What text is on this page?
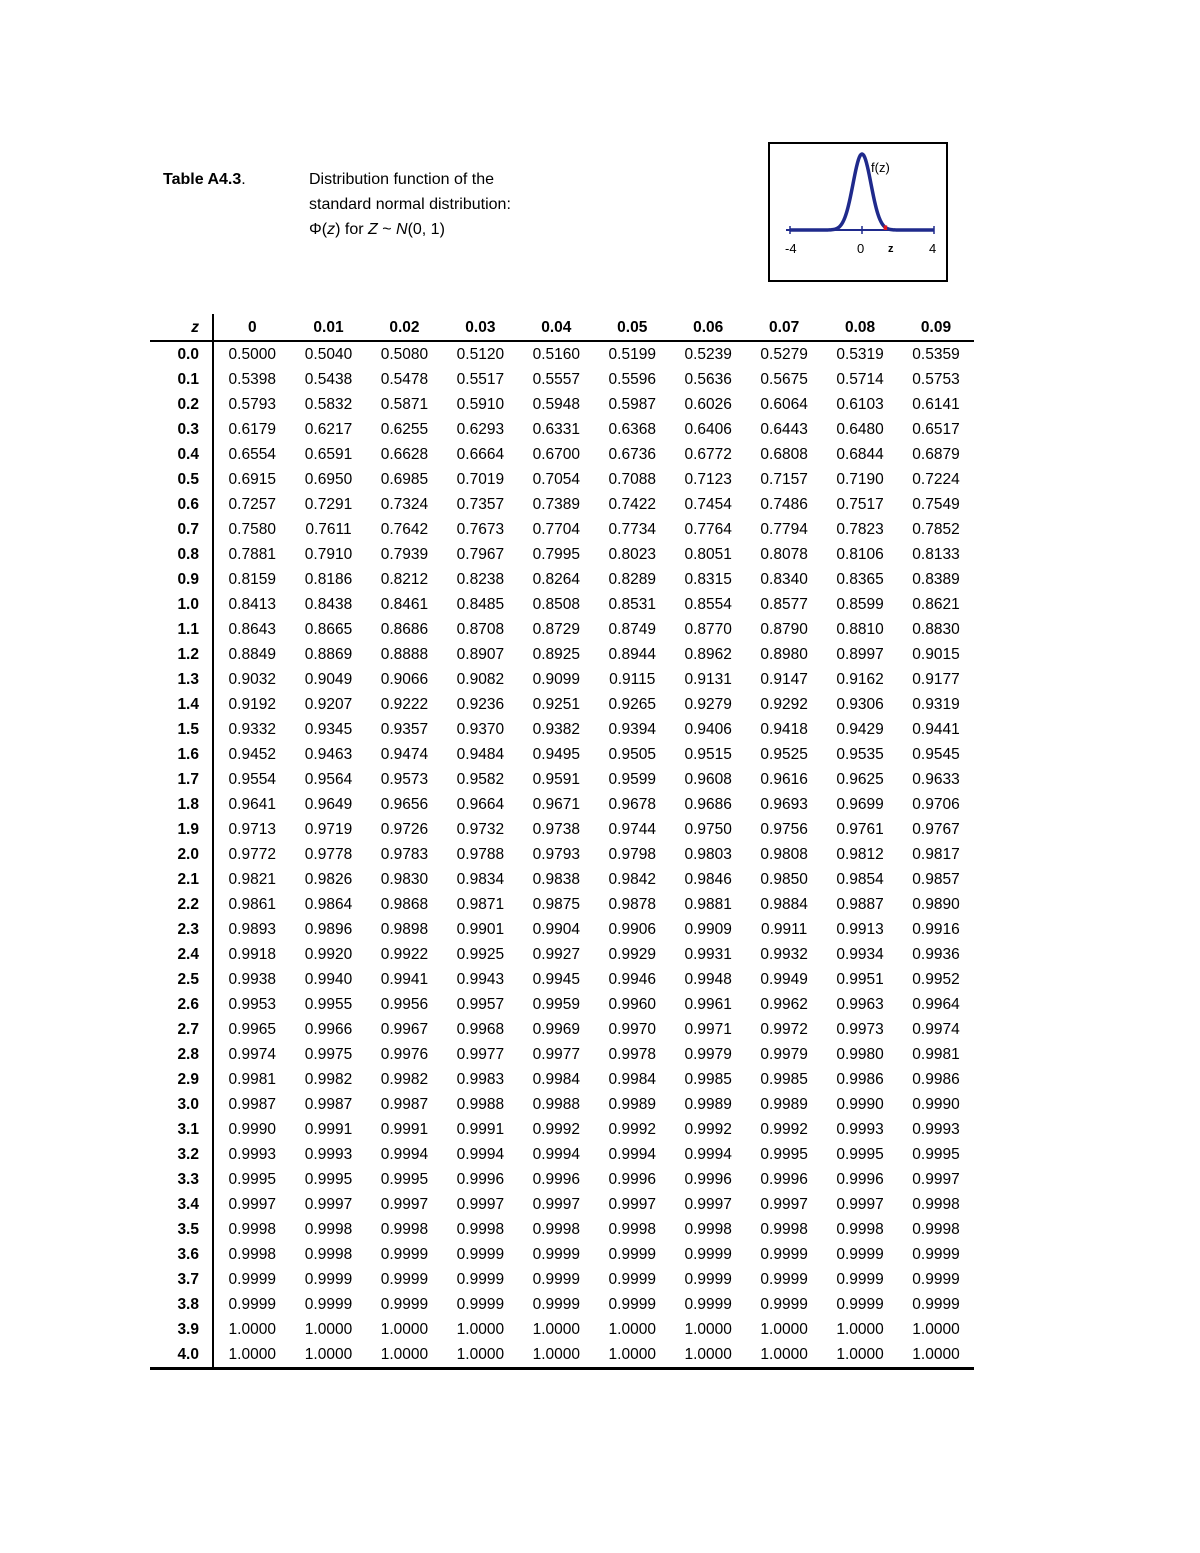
Table A4.3.	Distribution function of the
standard normal distribution:
Φ(z) for Z ~ N(0, 1)
f(z)
-4	0 z	4
z	0	0.01	0.02	0.03	0.04	0.05	0.06	0.07	0.08	0.09
0.0	0.5000	0.5040	0.5080	0.5120	0.5160	0.5199	0.5239	0.5279	0.5319	0.5359
0.1	0.5398	0.5438	0.5478	0.5517	0.5557	0.5596	0.5636	0.5675	0.5714	0.5753
0.2	0.5793	0.5832	0.5871	0.5910	0.5948	0.5987	0.6026	0.6064	0.6103	0.6141
0.3	0.6179	0.6217	0.6255	0.6293	0.6331	0.6368	0.6406	0.6443	0.6480	0.6517
0.4	0.6554	0.6591	0.6628	0.6664	0.6700	0.6736	0.6772	0.6808	0.6844	0.6879
0.5	0.6915	0.6950	0.6985	0.7019	0.7054	0.7088	0.7123	0.7157	0.7190	0.7224
0.6	0.7257	0.7291	0.7324	0.7357	0.7389	0.7422	0.7454	0.7486	0.7517	0.7549
0.7	0.7580	0.7611	0.7642	0.7673	0.7704	0.7734	0.7764	0.7794	0.7823	0.7852
0.8	0.7881	0.7910	0.7939	0.7967	0.7995	0.8023	0.8051	0.8078	0.8106	0.8133
0.9	0.8159	0.8186	0.8212	0.8238	0.8264	0.8289	0.8315	0.8340	0.8365	0.8389
1.0	0.8413	0.8438	0.8461	0.8485	0.8508	0.8531	0.8554	0.8577	0.8599	0.8621
1.1	0.8643	0.8665	0.8686	0.8708	0.8729	0.8749	0.8770	0.8790	0.8810	0.8830
1.2	0.8849	0.8869	0.8888	0.8907	0.8925	0.8944	0.8962	0.8980	0.8997	0.9015
1.3	0.9032	0.9049	0.9066	0.9082	0.9099	0.9115	0.9131	0.9147	0.9162	0.9177
1.4	0.9192	0.9207	0.9222	0.9236	0.9251	0.9265	0.9279	0.9292	0.9306	0.9319
1.5	0.9332	0.9345	0.9357	0.9370	0.9382	0.9394	0.9406	0.9418	0.9429	0.9441
1.6	0.9452	0.9463	0.9474	0.9484	0.9495	0.9505	0.9515	0.9525	0.9535	0.9545
1.7	0.9554	0.9564	0.9573	0.9582	0.9591	0.9599	0.9608	0.9616	0.9625	0.9633
1.8	0.9641	0.9649	0.9656	0.9664	0.9671	0.9678	0.9686	0.9693	0.9699	0.9706
1.9	0.9713	0.9719	0.9726	0.9732	0.9738	0.9744	0.9750	0.9756	0.9761	0.9767
2.0	0.9772	0.9778	0.9783	0.9788	0.9793	0.9798	0.9803	0.9808	0.9812	0.9817
2.1	0.9821	0.9826	0.9830	0.9834	0.9838	0.9842	0.9846	0.9850	0.9854	0.9857
2.2	0.9861	0.9864	0.9868	0.9871	0.9875	0.9878	0.9881	0.9884	0.9887	0.9890
2.3	0.9893	0.9896	0.9898	0.9901	0.9904	0.9906	0.9909	0.9911	0.9913	0.9916
2.4	0.9918	0.9920	0.9922	0.9925	0.9927	0.9929	0.9931	0.9932	0.9934	0.9936
2.5	0.9938	0.9940	0.9941	0.9943	0.9945	0.9946	0.9948	0.9949	0.9951	0.9952
2.6	0.9953	0.9955	0.9956	0.9957	0.9959	0.9960	0.9961	0.9962	0.9963	0.9964
2.7	0.9965	0.9966	0.9967	0.9968	0.9969	0.9970	0.9971	0.9972	0.9973	0.9974
2.8	0.9974	0.9975	0.9976	0.9977	0.9977	0.9978	0.9979	0.9979	0.9980	0.9981
2.9	0.9981	0.9982	0.9982	0.9983	0.9984	0.9984	0.9985	0.9985	0.9986	0.9986
3.0	0.9987	0.9987	0.9987	0.9988	0.9988	0.9989	0.9989	0.9989	0.9990	0.9990
3.1	0.9990	0.9991	0.9991	0.9991	0.9992	0.9992	0.9992	0.9992	0.9993	0.9993
3.2	0.9993	0.9993	0.9994	0.9994	0.9994	0.9994	0.9994	0.9995	0.9995	0.9995
3.3	0.9995	0.9995	0.9995	0.9996	0.9996	0.9996	0.9996	0.9996	0.9996	0.9997
3.4	0.9997	0.9997	0.9997	0.9997	0.9997	0.9997	0.9997	0.9997	0.9997	0.9998
3.5	0.9998	0.9998	0.9998	0.9998	0.9998	0.9998	0.9998	0.9998	0.9998	0.9998
3.6	0.9998	0.9998	0.9999	0.9999	0.9999	0.9999	0.9999	0.9999	0.9999	0.9999
3.7	0.9999	0.9999	0.9999	0.9999	0.9999	0.9999	0.9999	0.9999	0.9999	0.9999
3.8	0.9999	0.9999	0.9999	0.9999	0.9999	0.9999	0.9999	0.9999	0.9999	0.9999
3.9	1.0000	1.0000	1.0000	1.0000	1.0000	1.0000	1.0000	1.0000	1.0000	1.0000
4.0	1.0000	1.0000	1.0000	1.0000	1.0000	1.0000	1.0000	1.0000	1.0000	1.0000
